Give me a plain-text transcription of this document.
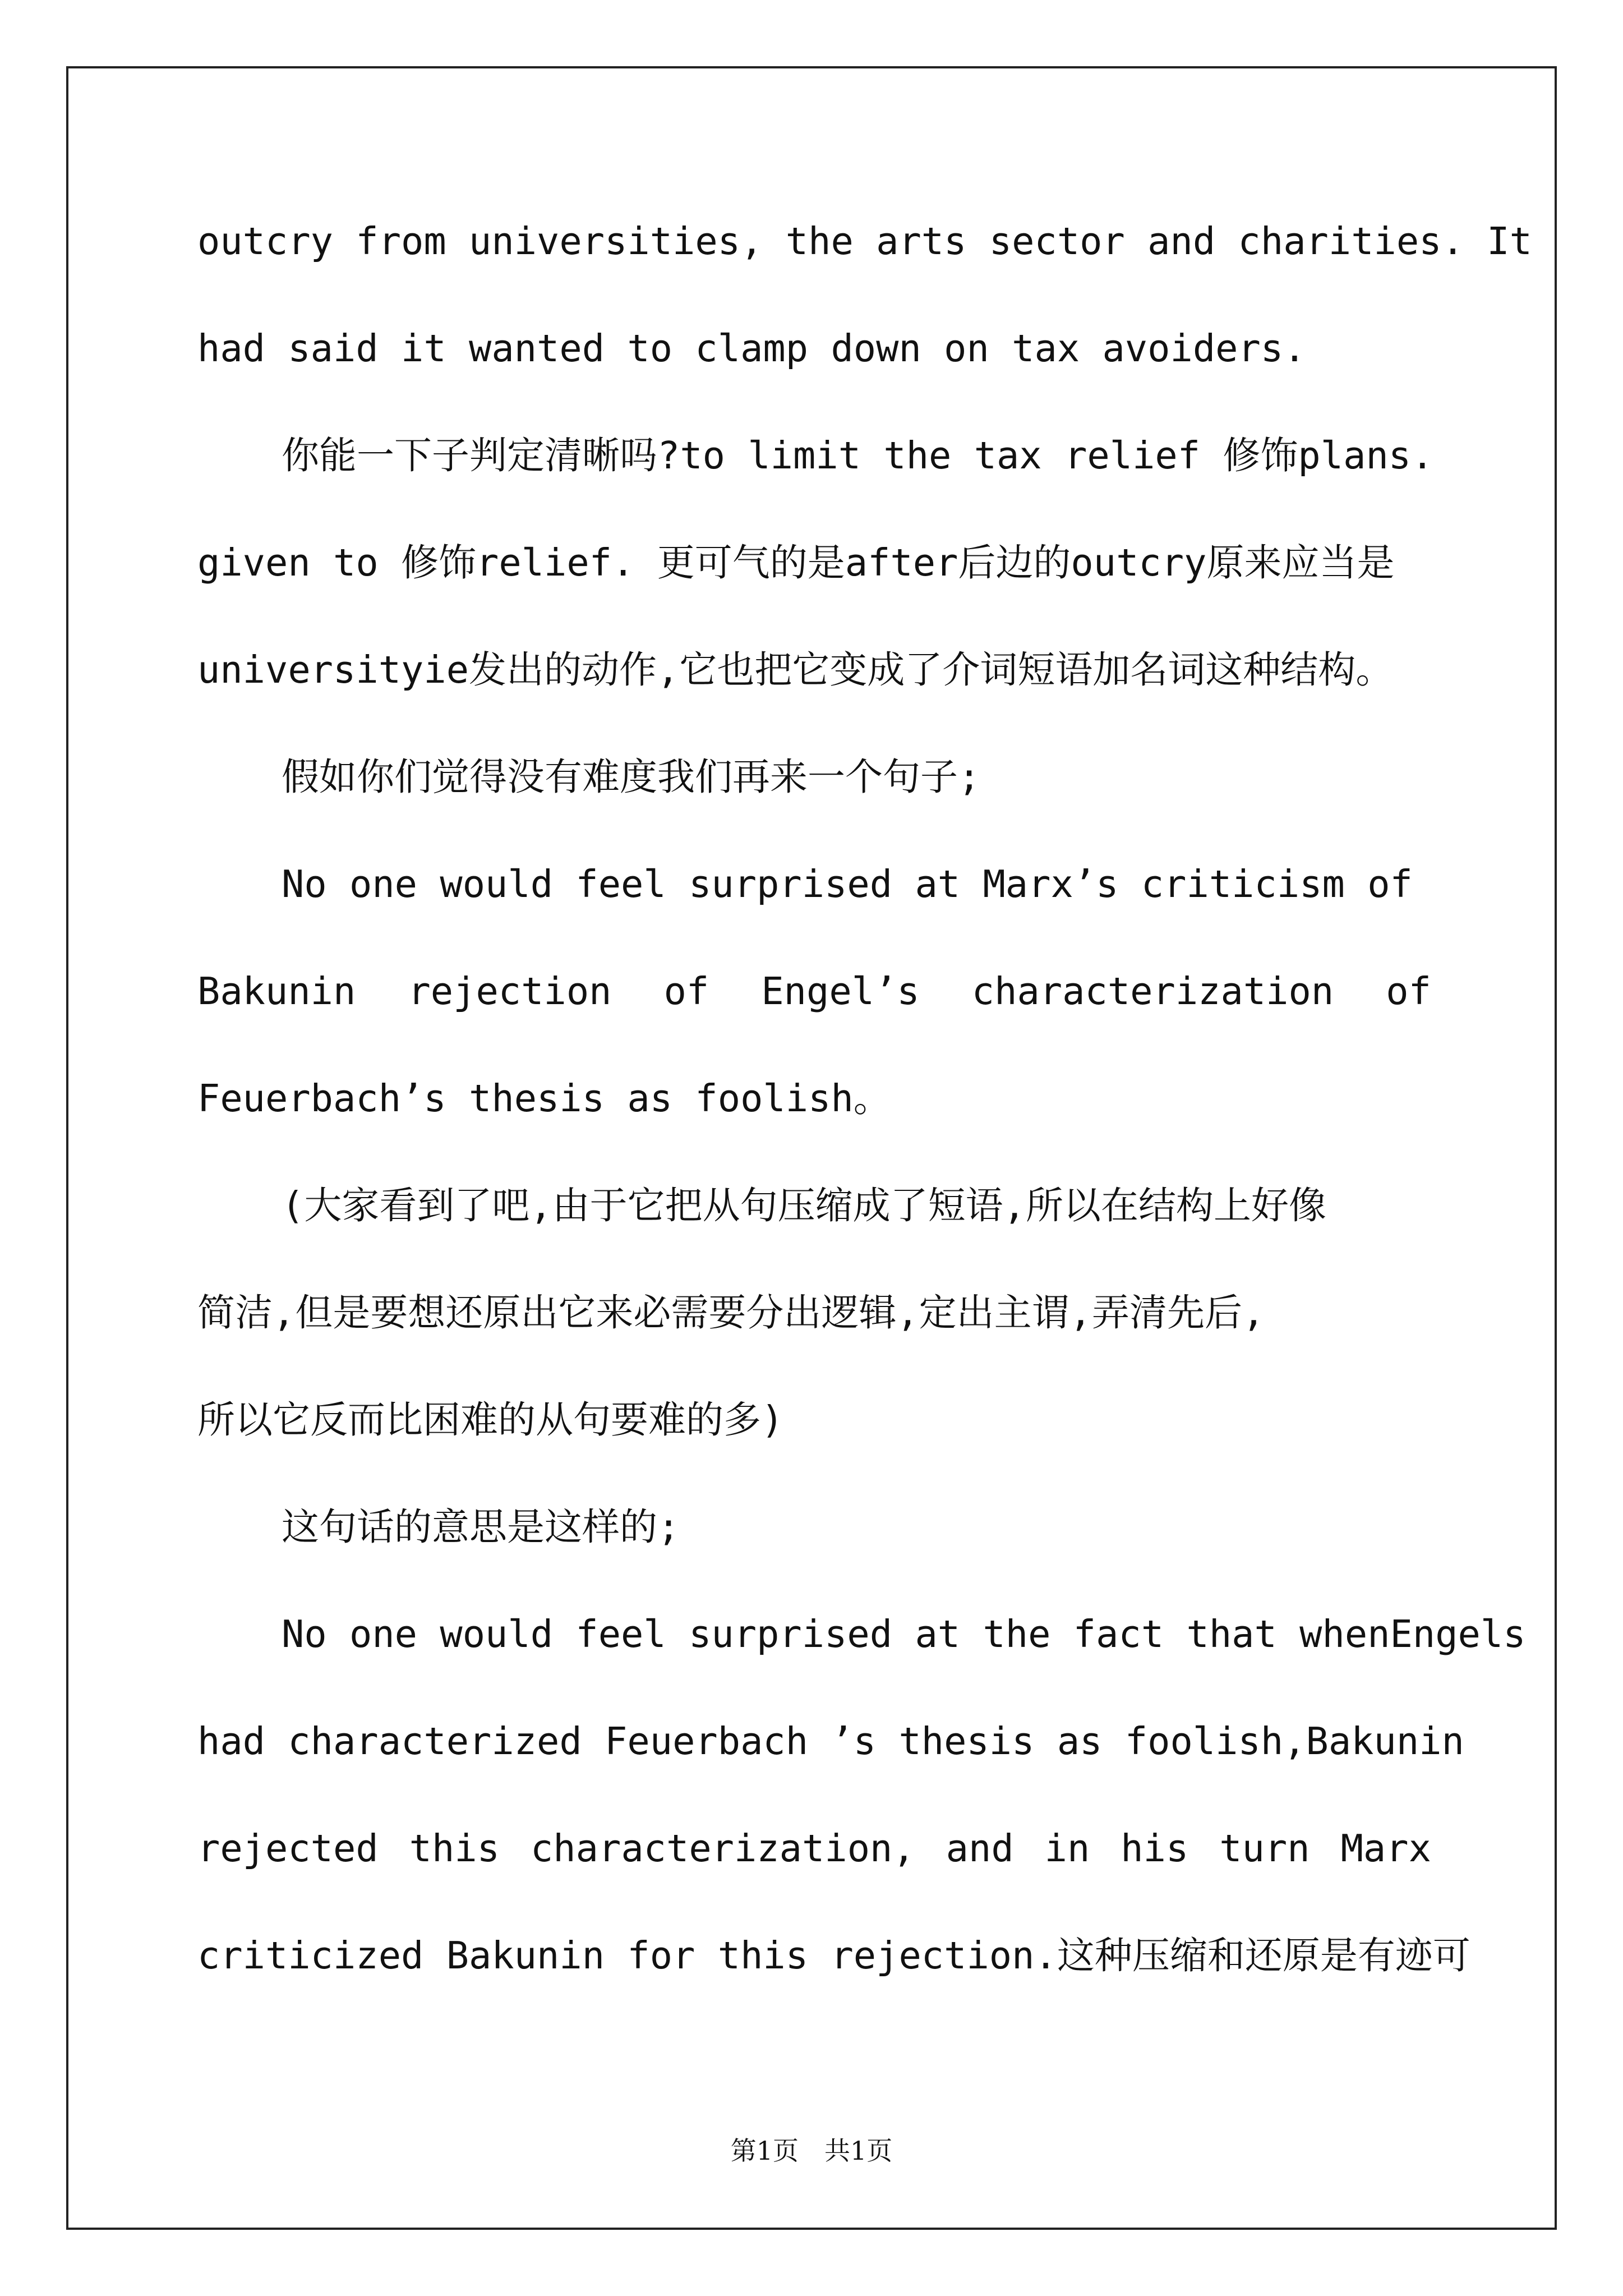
outcry from universities, the arts sector and charities. It
had said it wanted to clamp down on tax avoiders.
你能一下子判定清晰吗?to limit the tax relief 修饰plans.
given to 修饰relief. 更可气的是after后边的outcry原来应当是
universityie发出的动作,它也把它变成了介词短语加名词这种结构。
假如你们觉得没有难度我们再来一个句子;
No one would feel surprised at Marx’s criticism of
Bakunin rejection of Engel’s characterization of
Feuerbach’s thesis as foolish。
(大家看到了吧,由于它把从句压缩成了短语,所以在结构上好像
简洁,但是要想还原出它来必需要分出逻辑,定出主谓,弄清先后,
所以它反而比困难的从句要难的多)
这句话的意思是这样的;
No one would feel surprised at the fact that whenEngels
had characterized Feuerbach ’s thesis as foolish,Bakunin
rejected this characterization, and in his turn Marx
criticized Bakunin for this rejection.这种压缩和还原是有迹可
第1页　共1页
